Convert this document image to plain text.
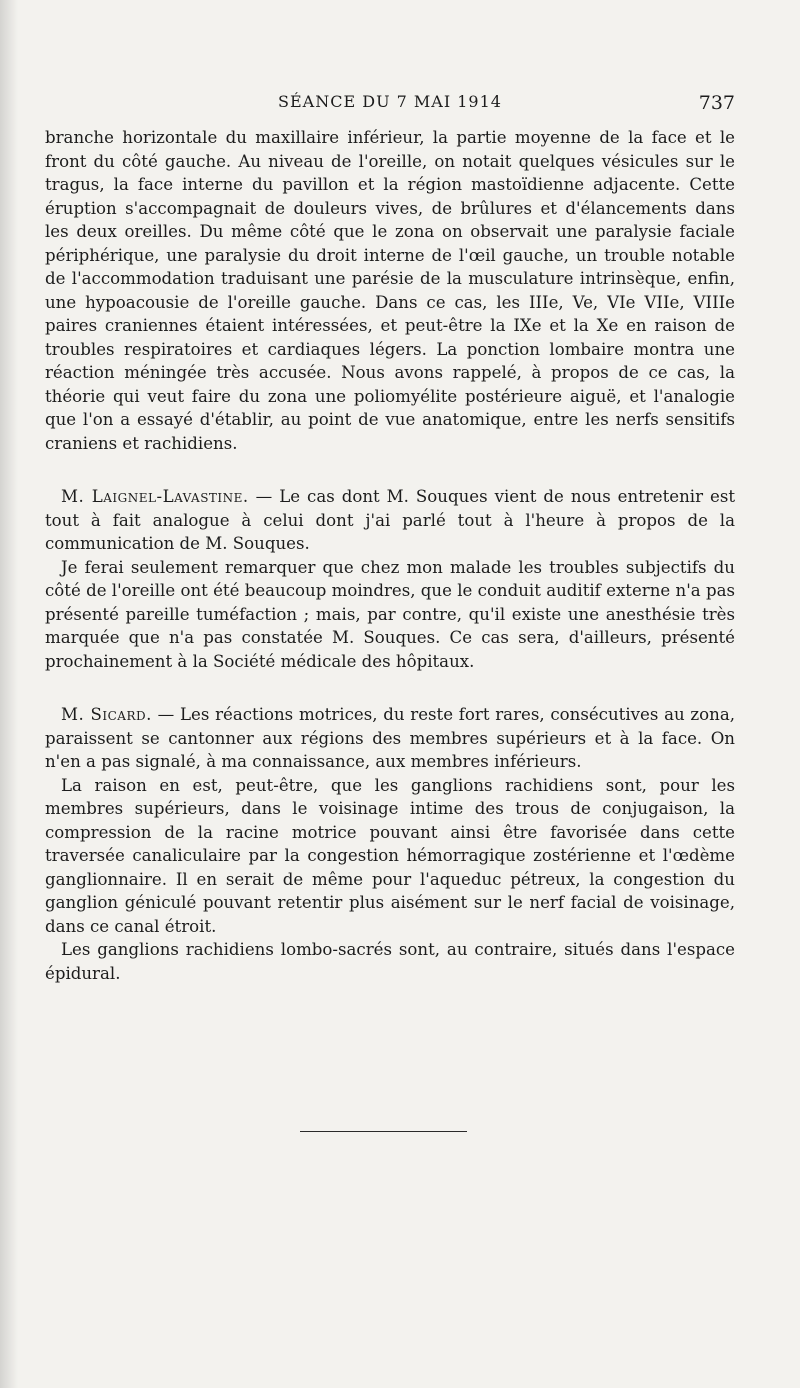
SÉANCE DU 7 MAI 1914	737

branche horizontale du maxillaire inférieur, la partie moyenne de la face et le front du côté gauche. Au niveau de l'oreille, on notait quelques vésicules sur le tragus, la face interne du pavillon et la région mastoïdienne adjacente. Cette éruption s'accompagnait de douleurs vives, de brûlures et d'élancements dans les deux oreilles. Du même côté que le zona on observait une paralysie faciale périphérique, une paralysie du droit interne de l'œil gauche, un trouble notable de l'accommodation traduisant une parésie de la musculature intrinsèque, enfin, une hypoacousie de l'oreille gauche. Dans ce cas, les IIIe, Ve, VIe VIIe, VIIIe paires craniennes étaient intéressées, et peut-être la IXe et la Xe en raison de troubles respiratoires et cardiaques légers. La ponction lombaire montra une réaction méningée très accusée. Nous avons rappelé, à propos de ce cas, la théorie qui veut faire du zona une poliomyélite postérieure aiguë, et l'analogie que l'on a essayé d'établir, au point de vue anatomique, entre les nerfs sensitifs craniens et rachidiens.

M. Laignel-Lavastine. — Le cas dont M. Souques vient de nous entretenir est tout à fait analogue à celui dont j'ai parlé tout à l'heure à propos de la communication de M. Souques.

Je ferai seulement remarquer que chez mon malade les troubles subjectifs du côté de l'oreille ont été beaucoup moindres, que le conduit auditif externe n'a pas présenté pareille tuméfaction ; mais, par contre, qu'il existe une anesthésie très marquée que n'a pas constatée M. Souques. Ce cas sera, d'ailleurs, présenté prochainement à la Société médicale des hôpitaux.

M. Sicard. — Les réactions motrices, du reste fort rares, consécutives au zona, paraissent se cantonner aux régions des membres supérieurs et à la face. On n'en a pas signalé, à ma connaissance, aux membres inférieurs.

La raison en est, peut-être, que les ganglions rachidiens sont, pour les membres supérieurs, dans le voisinage intime des trous de conjugaison, la compression de la racine motrice pouvant ainsi être favorisée dans cette traversée canaliculaire par la congestion hémorragique zostérienne et l'œdème ganglionnaire. Il en serait de même pour l'aqueduc pétreux, la congestion du ganglion géniculé pouvant retentir plus aisément sur le nerf facial de voisinage, dans ce canal étroit.

Les ganglions rachidiens lombo-sacrés sont, au contraire, situés dans l'espace épidural.
